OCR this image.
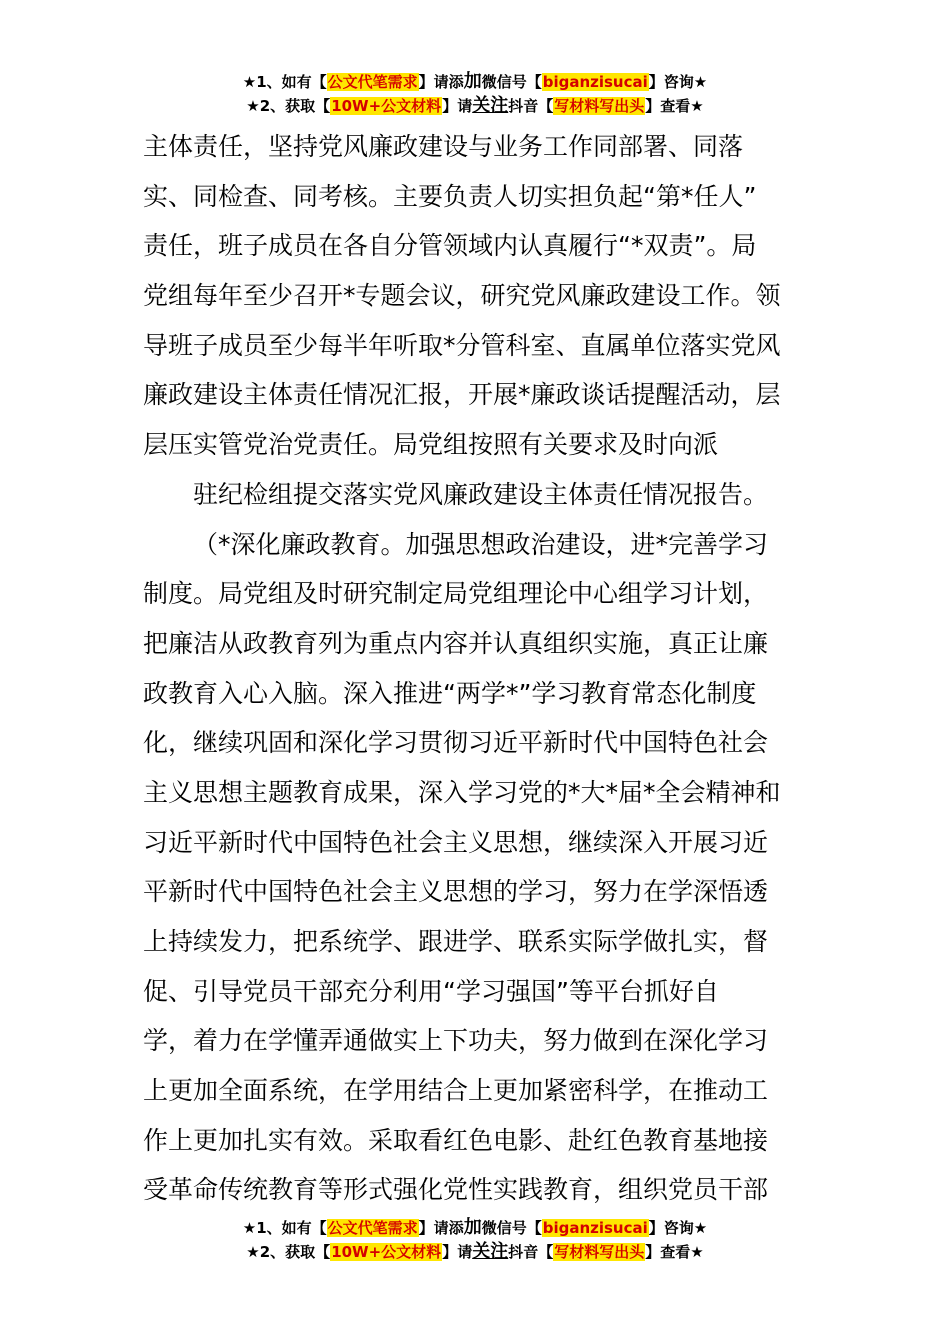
★1、如有【公文代笔需求】请添加微信号【biganzisucai】咨询★
★2、获取【10W+公文材料】请关注抖音【写材料写出头】查看★
主体责任，坚持党风廉政建设与业务工作同部署、同落
实、同检查、同考核。主要负责人切实担负起“第*任人”
责任，班子成员在各自分管领域内认真履行“*双责”。局
党组每年至少召开*专题会议，研究党风廉政建设工作。领
导班子成员至少每半年听取*分管科室、直属单位落实党风
廉政建设主体责任情况汇报，开展*廉政谈话提醒活动，层
层压实管党治党责任。局党组按照有关要求及时向派
驻纪检组提交落实党风廉政建设主体责任情况报告。
（*深化廉政教育。加强思想政治建设，进*完善学习
制度。局党组及时研究制定局党组理论中心组学习计划，
把廉洁从政教育列为重点内容并认真组织实施，真正让廉
政教育入心入脑。深入推进“两学*”学习教育常态化制度
化，继续巩固和深化学习贯彻习近平新时代中国特色社会
主义思想主题教育成果，深入学习党的*大*届*全会精神和
习近平新时代中国特色社会主义思想，继续深入开展习近
平新时代中国特色社会主义思想的学习，努力在学深悟透
上持续发力，把系统学、跟进学、联系实际学做扎实，督
促、引导党员干部充分利用“学习强国”等平台抓好自
学，着力在学懂弄通做实上下功夫，努力做到在深化学习
上更加全面系统，在学用结合上更加紧密科学，在推动工
作上更加扎实有效。采取看红色电影、赴红色教育基地接
受革命传统教育等形式强化党性实践教育，组织党员干部
★1、如有【公文代笔需求】请添加微信号【biganzisucai】咨询★
★2、获取【10W+公文材料】请关注抖音【写材料写出头】查看★
